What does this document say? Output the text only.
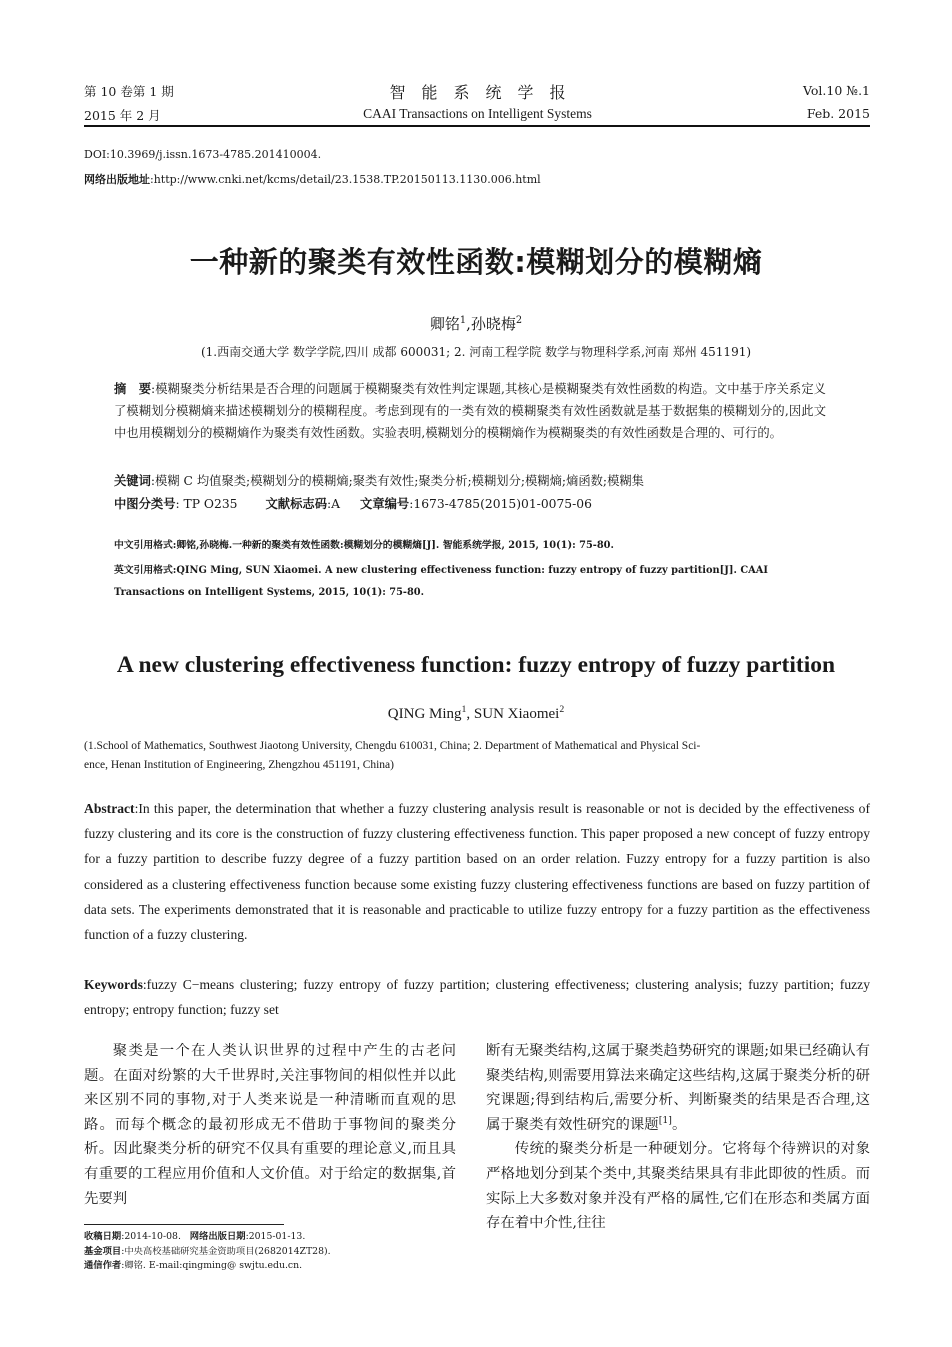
第 10 卷第 1 期
2015 年 2 月
智　能　系　统　学　报
CAAI Transactions on Intelligent Systems
Vol.10 №.1
Feb. 2015
DOI:10.3969/j.issn.1673-4785.201410004.
网络出版地址:http://www.cnki.net/kcms/detail/23.1538.TP.20150113.1130.006.html
一种新的聚类有效性函数:模糊划分的模糊熵
卿铭$^1$,孙晓梅$^2$
(1.西南交通大学 数学学院,四川 成都 600031; 2. 河南工程学院 数学与物理科学系,河南 郑州 451191)
摘　要:模糊聚类分析结果是否合理的问题属于模糊聚类有效性判定课题,其核心是模糊聚类有效性函数的构造。文中基于序关系定义了模糊划分模糊熵来描述模糊划分的模糊程度。考虑到现有的一类有效的模糊聚类有效性函数就是基于数据集的模糊划分的,因此文中也用模糊划分的模糊熵作为聚类有效性函数。实验表明,模糊划分的模糊熵作为模糊聚类的有效性函数是合理的、可行的。
关键词:模糊 C 均值聚类;模糊划分的模糊熵;聚类有效性;聚类分析;模糊划分;模糊熵;熵函数;模糊集
中图分类号: TP O235 文献标志码:A 文章编号:1673-4785(2015)01-0075-06
中文引用格式:卿铭,孙晓梅.一种新的聚类有效性函数:模糊划分的模糊熵[J]. 智能系统学报, 2015, 10(1): 75-80.
英文引用格式:QING Ming, SUN Xiaomei. A new clustering effectiveness function: fuzzy entropy of fuzzy partition[J]. CAAI
Transactions on Intelligent Systems, 2015, 10(1): 75-80.
A new clustering effectiveness function: fuzzy entropy of fuzzy partition
QING Ming$^1$, SUN Xiaomei$^2$
(1.School of Mathematics, Southwest Jiaotong University, Chengdu 610031, China; 2. Department of Mathematical and Physical Sci-
ence, Henan Institution of Engineering, Zhengzhou 451191, China)
Abstract:In this paper, the determination that whether a fuzzy clustering analysis result is reasonable or not is decided by the effectiveness of fuzzy clustering and its core is the construction of fuzzy clustering effectiveness function. This paper proposed a new concept of fuzzy entropy for a fuzzy partition to describe fuzzy degree of a fuzzy partition based on an order relation. Fuzzy entropy for a fuzzy partition is also considered as a clustering effectiveness function because some existing fuzzy clustering effectiveness functions are based on fuzzy partition of data sets. The experiments demonstrated that it is reasonable and practicable to utilize fuzzy entropy for a fuzzy partition as the effectiveness function of a fuzzy clustering.
Keywords:fuzzy C−means clustering; fuzzy entropy of fuzzy partition; clustering effectiveness; clustering analysis; fuzzy partition; fuzzy entropy; entropy function; fuzzy set
聚类是一个在人类认识世界的过程中产生的古老问题。在面对纷繁的大千世界时,关注事物间的相似性并以此来区别不同的事物,对于人类来说是一种清晰而直观的思路。而每个概念的最初形成无不借助于事物间的聚类分析。因此聚类分析的研究不仅具有重要的理论意义,而且具有重要的工程应用价值和人文价值。对于给定的数据集,首先要判
收稿日期:2014-10-08. 网络出版日期:2015-01-13.
基金项目:中央高校基础研究基金资助项目(2682014ZT28).
通信作者:卿铭. E-mail:qingming@ swjtu.edu.cn.
断有无聚类结构,这属于聚类趋势研究的课题;如果已经确认有聚类结构,则需要用算法来确定这些结构,这属于聚类分析的研究课题;得到结构后,需要分析、判断聚类的结果是否合理,这属于聚类有效性研究的课题[1]。
传统的聚类分析是一种硬划分。它将每个待辨识的对象严格地划分到某个类中,其聚类结果具有非此即彼的性质。而实际上大多数对象并没有严格的属性,它们在形态和类属方面存在着中介性,往往
